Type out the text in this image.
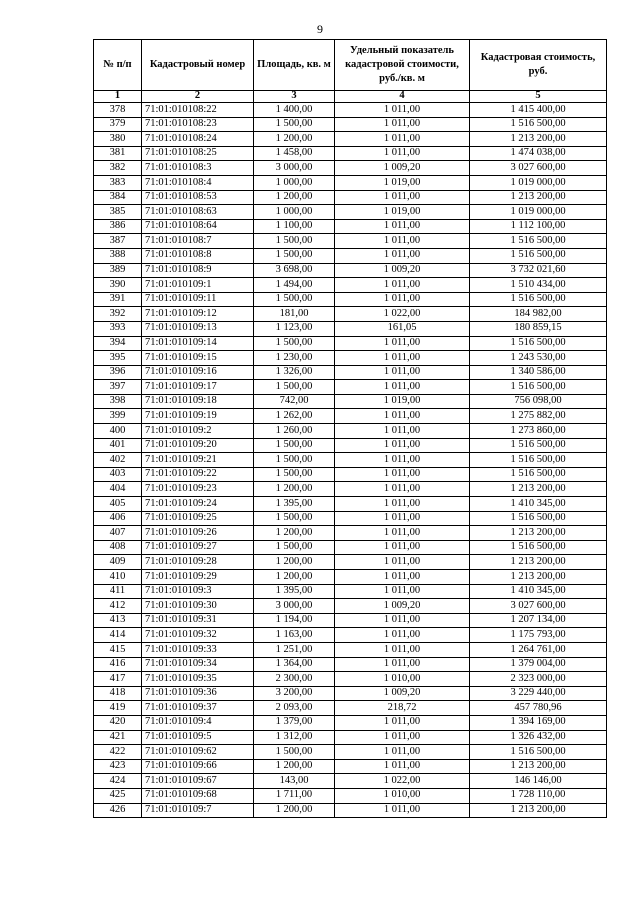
9
№ п/п	Кадастровый номер	Площадь, кв. м	Удельный показатель кадастровой стоимости, руб./кв. м	Кадастровая стоимость, руб.
1	2	3	4	5
378	71:01:010108:22	1 400,00	1 011,00	1 415 400,00
379	71:01:010108:23	1 500,00	1 011,00	1 516 500,00
380	71:01:010108:24	1 200,00	1 011,00	1 213 200,00
381	71:01:010108:25	1 458,00	1 011,00	1 474 038,00
382	71:01:010108:3	3 000,00	1 009,20	3 027 600,00
383	71:01:010108:4	1 000,00	1 019,00	1 019 000,00
384	71:01:010108:53	1 200,00	1 011,00	1 213 200,00
385	71:01:010108:63	1 000,00	1 019,00	1 019 000,00
386	71:01:010108:64	1 100,00	1 011,00	1 112 100,00
387	71:01:010108:7	1 500,00	1 011,00	1 516 500,00
388	71:01:010108:8	1 500,00	1 011,00	1 516 500,00
389	71:01:010108:9	3 698,00	1 009,20	3 732 021,60
390	71:01:010109:1	1 494,00	1 011,00	1 510 434,00
391	71:01:010109:11	1 500,00	1 011,00	1 516 500,00
392	71:01:010109:12	181,00	1 022,00	184 982,00
393	71:01:010109:13	1 123,00	161,05	180 859,15
394	71:01:010109:14	1 500,00	1 011,00	1 516 500,00
395	71:01:010109:15	1 230,00	1 011,00	1 243 530,00
396	71:01:010109:16	1 326,00	1 011,00	1 340 586,00
397	71:01:010109:17	1 500,00	1 011,00	1 516 500,00
398	71:01:010109:18	742,00	1 019,00	756 098,00
399	71:01:010109:19	1 262,00	1 011,00	1 275 882,00
400	71:01:010109:2	1 260,00	1 011,00	1 273 860,00
401	71:01:010109:20	1 500,00	1 011,00	1 516 500,00
402	71:01:010109:21	1 500,00	1 011,00	1 516 500,00
403	71:01:010109:22	1 500,00	1 011,00	1 516 500,00
404	71:01:010109:23	1 200,00	1 011,00	1 213 200,00
405	71:01:010109:24	1 395,00	1 011,00	1 410 345,00
406	71:01:010109:25	1 500,00	1 011,00	1 516 500,00
407	71:01:010109:26	1 200,00	1 011,00	1 213 200,00
408	71:01:010109:27	1 500,00	1 011,00	1 516 500,00
409	71:01:010109:28	1 200,00	1 011,00	1 213 200,00
410	71:01:010109:29	1 200,00	1 011,00	1 213 200,00
411	71:01:010109:3	1 395,00	1 011,00	1 410 345,00
412	71:01:010109:30	3 000,00	1 009,20	3 027 600,00
413	71:01:010109:31	1 194,00	1 011,00	1 207 134,00
414	71:01:010109:32	1 163,00	1 011,00	1 175 793,00
415	71:01:010109:33	1 251,00	1 011,00	1 264 761,00
416	71:01:010109:34	1 364,00	1 011,00	1 379 004,00
417	71:01:010109:35	2 300,00	1 010,00	2 323 000,00
418	71:01:010109:36	3 200,00	1 009,20	3 229 440,00
419	71:01:010109:37	2 093,00	218,72	457 780,96
420	71:01:010109:4	1 379,00	1 011,00	1 394 169,00
421	71:01:010109:5	1 312,00	1 011,00	1 326 432,00
422	71:01:010109:62	1 500,00	1 011,00	1 516 500,00
423	71:01:010109:66	1 200,00	1 011,00	1 213 200,00
424	71:01:010109:67	143,00	1 022,00	146 146,00
425	71:01:010109:68	1 711,00	1 010,00	1 728 110,00
426	71:01:010109:7	1 200,00	1 011,00	1 213 200,00
